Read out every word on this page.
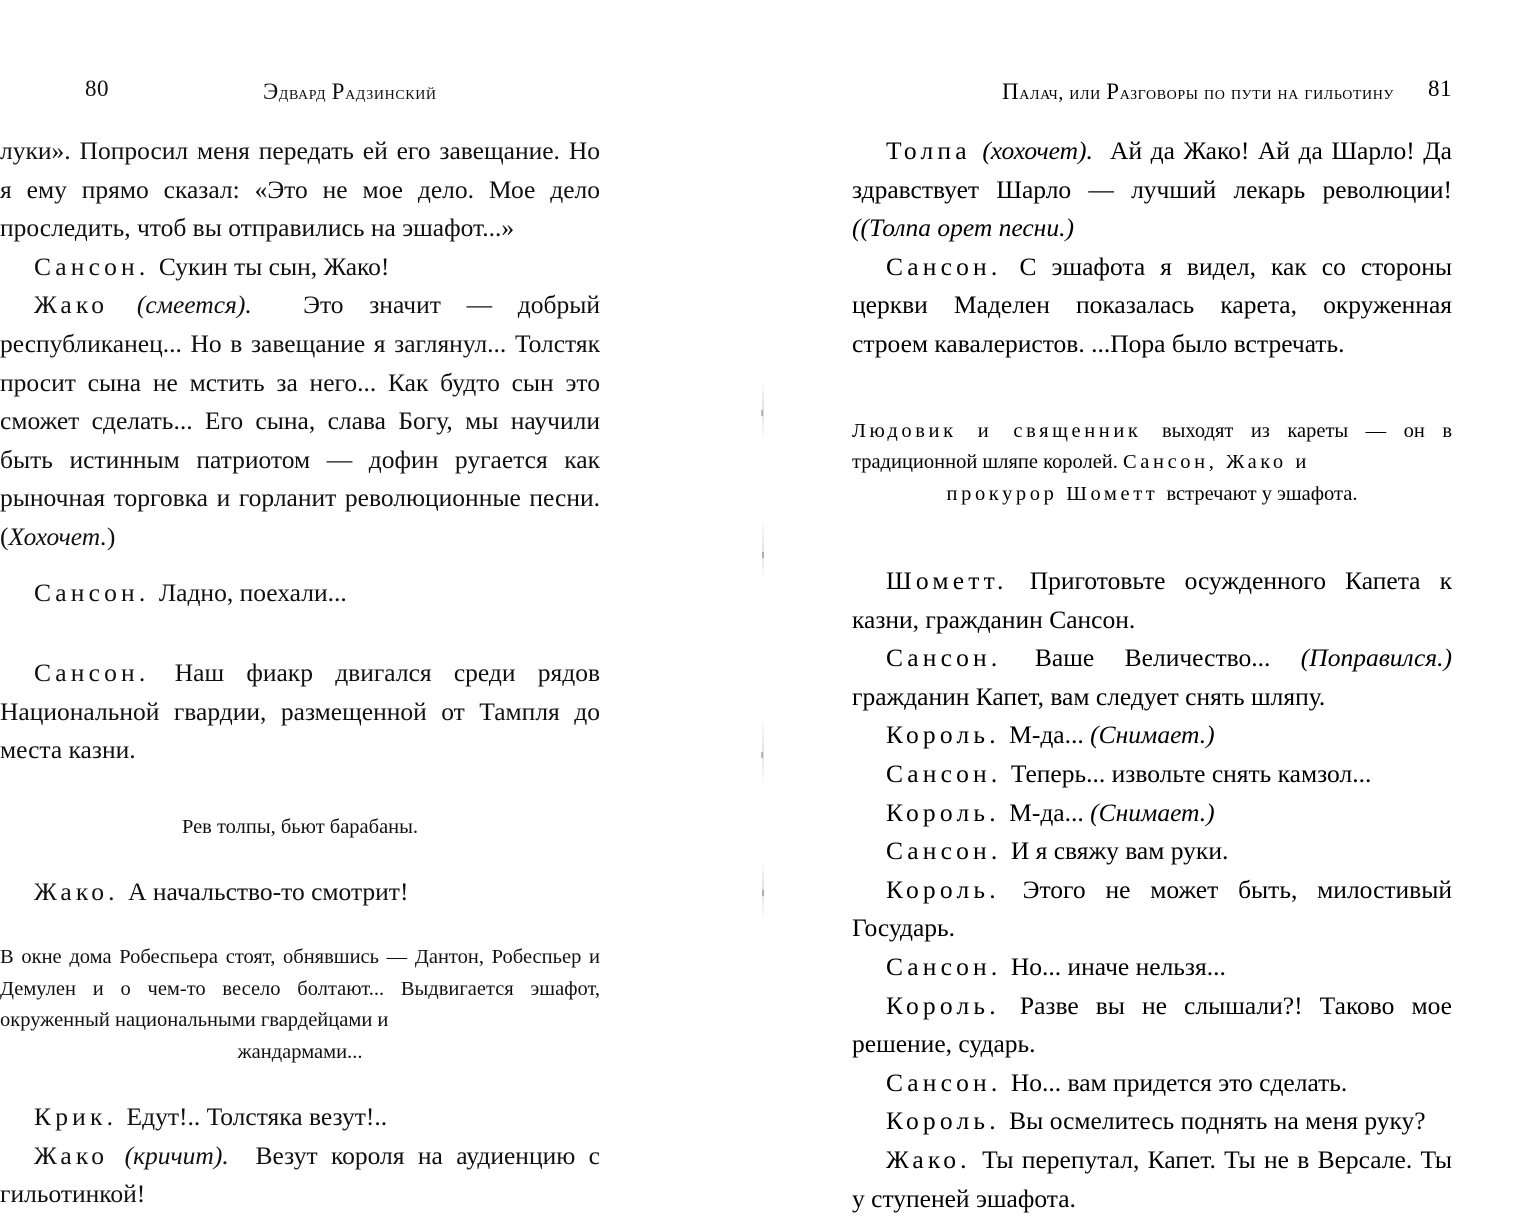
80	Эдвард Радзинский

луки». Попросил меня передать ей его завещание. Но я ему прямо сказал: «Это не мое дело. Мое дело проследить, чтоб вы отправились на эшафот...»

Сансон. Сукин ты сын, Жако!

Жако (смеется). Это значит — добрый республиканец... Но в завещание я заглянул... Толстяк просит сына не мстить за него... Как будто сын это сможет сделать... Его сына, слава Богу, мы научили быть истинным патриотом — дофин ругается как рыночная торговка и горланит революционные песни. (Хохочет.)

Сансон. Ладно, поехали...

Сансон. Наш фиакр двигался среди рядов Национальной гвардии, размещенной от Тампля до места казни.

Рев толпы, бьют барабаны.

Жако. А начальство-то смотрит!

В окне дома Робеспьера стоят, обнявшись — Дантон, Робеспьер и Демулен и о чем-то весело болтают... Выдвигается эшафот, окруженный национальными гвардейцами и
жандармами...

Крик. Едут!.. Толстяка везут!..

Жако (кричит). Везут короля на аудиенцию с гильотинкой!

Палач, или Разговоры по пути на гильотину 81

Толпа (хохочет). Ай да Жако! Ай да Шарло! Да здравствует Шарло — лучший лекарь революции! ((Толпа орет песни.)

Сансон. С эшафота я видел, как со стороны церкви Маделен показалась карета, окруженная строем кавалеристов. ...Пора было встречать.

Людовик и священник выходят из кареты — он в традиционной шляпе королей. Сансон, Жако и
прокурор Шометт встречают у эшафота.

Шометт. Приготовьте осужденного Капета к казни, гражданин Сансон.

Сансон. Ваше Величество... (Поправился.) гражданин Капет, вам следует снять шляпу.

Король. М-да... (Снимает.)

Сансон. Теперь... извольте снять камзол...

Король. М-да... (Снимает.)

Сансон. И я свяжу вам руки.

Король. Этого не может быть, милостивый Государь.

Сансон. Но... иначе нельзя...

Король. Разве вы не слышали?! Таково мое решение, сударь.

Сансон. Но... вам придется это сделать.

Король. Вы осмелитесь поднять на меня руку?

Жако. Ты перепутал, Капет. Ты не в Версале. Ты у ступеней эшафота.
